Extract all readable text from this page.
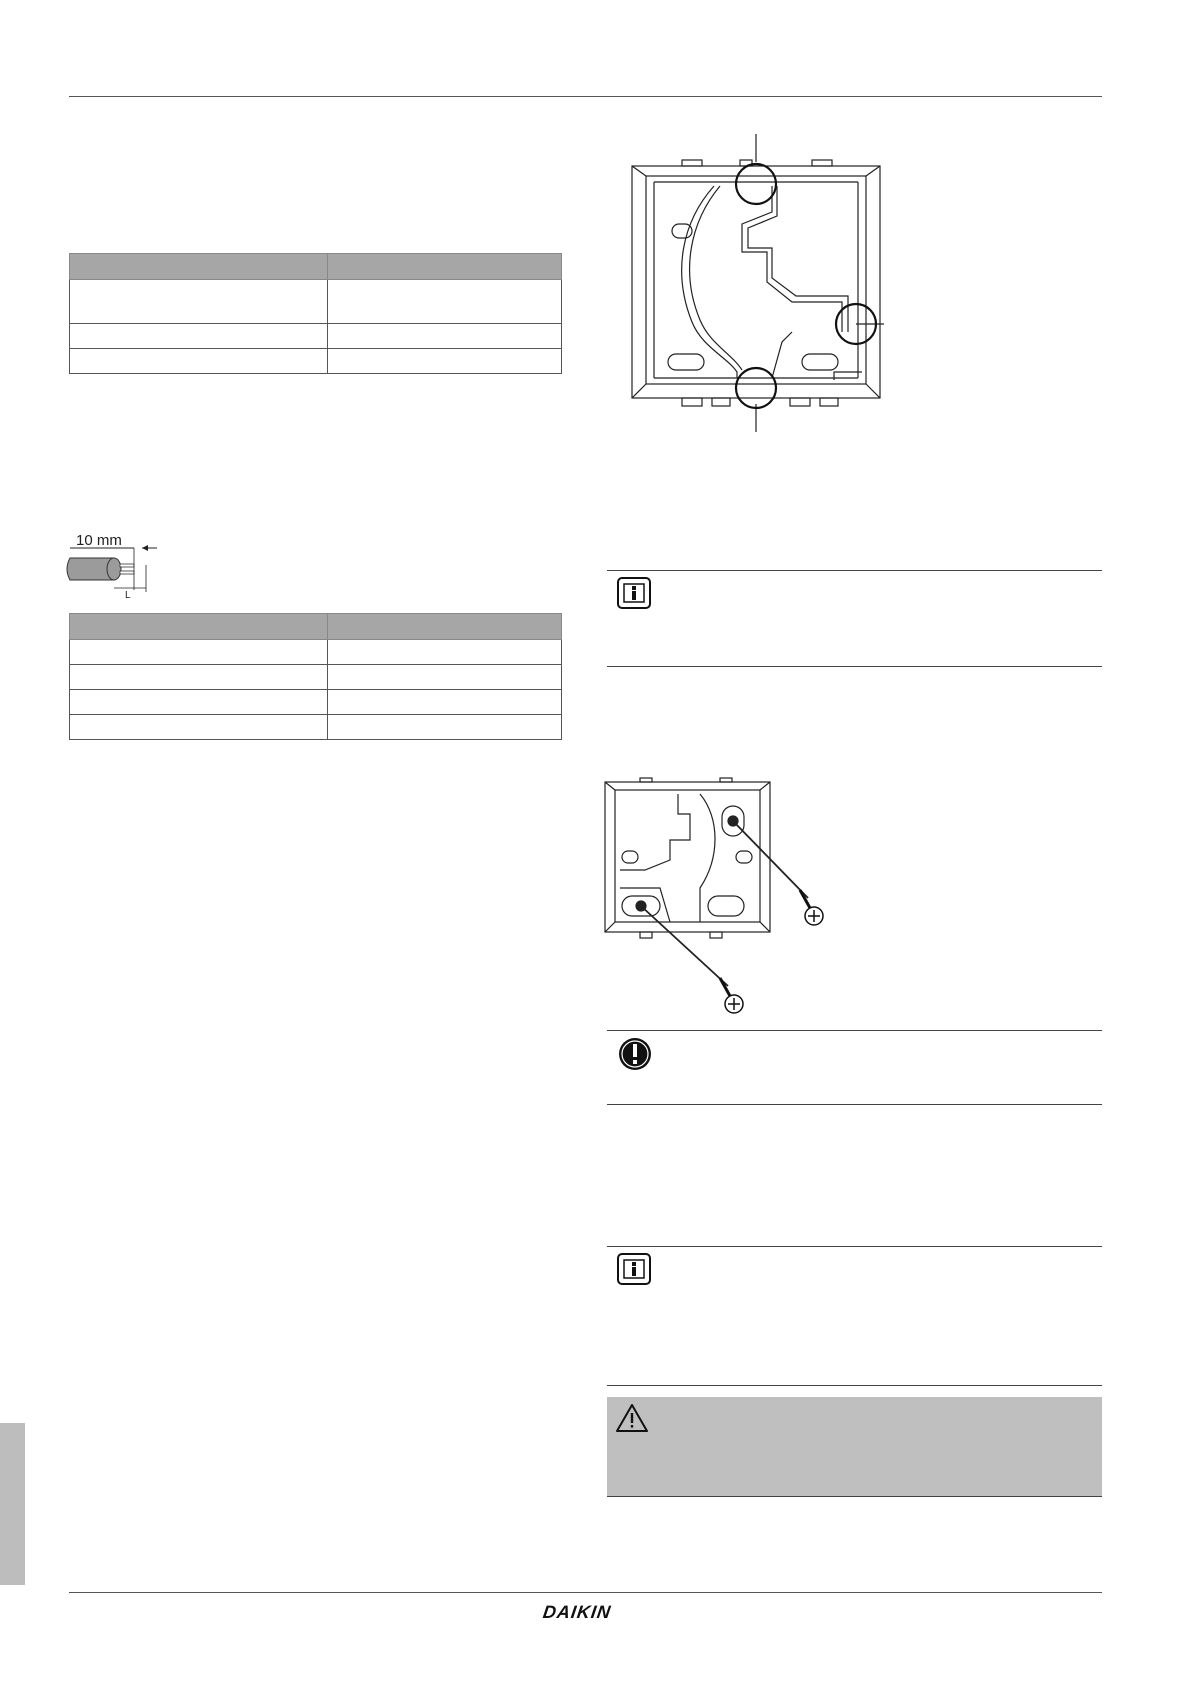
10 mm
L

DAIKIN
